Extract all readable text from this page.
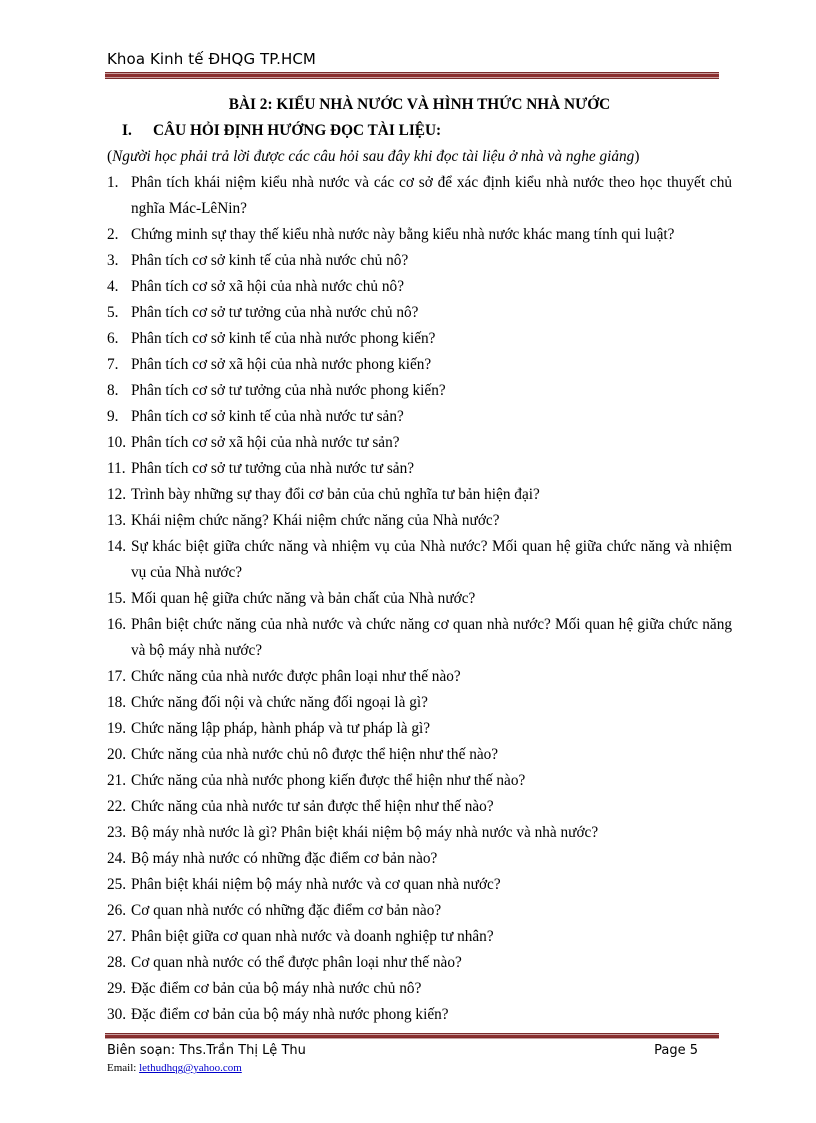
Khoa Kinh tế ĐHQG TP.HCM

BÀI 2: KIỂU NHÀ NƯỚC VÀ HÌNH THỨC NHÀ NƯỚC

I. CÂU HỎI ĐỊNH HƯỚNG ĐỌC TÀI LIỆU:

(Người học phải trả lời được các câu hỏi sau đây khi đọc tài liệu ở nhà và nghe giảng)

1. Phân tích khái niệm kiểu nhà nước và các cơ sở để xác định kiểu nhà nước theo học thuyết chủ nghĩa Mác-LêNin?
2. Chứng minh sự thay thế kiểu nhà nước này bằng kiểu nhà nước khác mang tính qui luật?
3. Phân tích cơ sở kinh tế của nhà nước chủ nô?
4. Phân tích cơ sở xã hội của nhà nước chủ nô?
5. Phân tích cơ sở tư tưởng của nhà nước chủ nô?
6. Phân tích cơ sở kinh tế của nhà nước phong kiến?
7. Phân tích cơ sở xã hội của nhà nước phong kiến?
8. Phân tích cơ sở tư tưởng của nhà nước phong kiến?
9. Phân tích cơ sở kinh tế của nhà nước tư sản?
10. Phân tích cơ sở xã hội của nhà nước tư sản?
11. Phân tích cơ sở tư tưởng của nhà nước tư sản?
12. Trình bày những sự thay đổi cơ bản của chủ nghĩa tư bản hiện đại?
13. Khái niệm chức năng? Khái niệm chức năng của Nhà nước?
14. Sự khác biệt giữa chức năng và nhiệm vụ của Nhà nước? Mối quan hệ giữa chức năng và nhiệm vụ của Nhà nước?
15. Mối quan hệ giữa chức năng và bản chất của Nhà nước?
16. Phân biệt chức năng của nhà nước và chức năng cơ quan nhà nước? Mối quan hệ giữa chức năng và bộ máy nhà nước?
17. Chức năng của nhà nước được phân loại như thế nào?
18. Chức năng đối nội và chức năng đối ngoại là gì?
19. Chức năng lập pháp, hành pháp và tư pháp là gì?
20. Chức năng của nhà nước chủ nô được thể hiện như thế nào?
21. Chức năng của nhà nước phong kiến được thể hiện như thế nào?
22. Chức năng của nhà nước tư sản được thể hiện như thế nào?
23. Bộ máy nhà nước là gì? Phân biệt khái niệm bộ máy nhà nước và nhà nước?
24. Bộ máy nhà nước có những đặc điểm cơ bản nào?
25. Phân biệt khái niệm bộ máy nhà nước và cơ quan nhà nước?
26. Cơ quan nhà nước có những đặc điểm cơ bản nào?
27. Phân biệt giữa cơ quan nhà nước và doanh nghiệp tư nhân?
28. Cơ quan nhà nước có thể được phân loại như thế nào?
29. Đặc điểm cơ bản của bộ máy nhà nước chủ nô?
30. Đặc điểm cơ bản của bộ máy nhà nước phong kiến?
Biên soạn: Ths.Trần Thị Lệ Thu	Page 5
Email: lethudhqg@yahoo.com
